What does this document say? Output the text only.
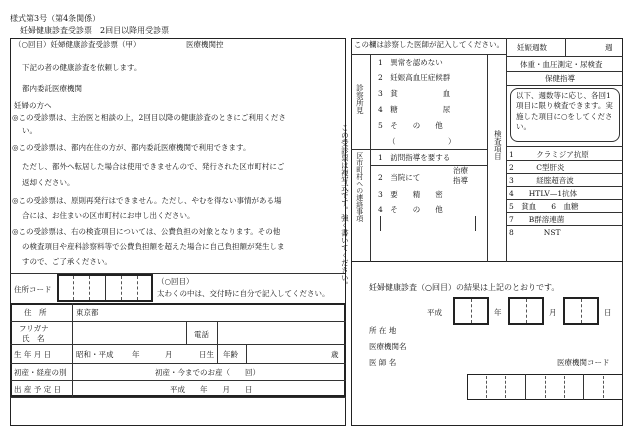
様式第3号（第4条関係）
妊婦健康診査受診票　2回目以降用受診票
（○回目）妊婦健康診査受診票（甲）	医療機関控
下記の者の健康診査を依頼します。
都内委託医療機関
妊婦の方へ
◎この受診票は、主治医と相談の上，2回目以降の健康診査のときにご利用くださ
い。
◎この受診票は、都内在住の方が、都内委託医療機関で利用できます。
ただし、都外へ転居した場合は使用できませんので、発行された区市町村にご
返却ください。
◎この受診票は、原則再発行はできません。ただし、やむを得ない事情がある場
合には、お住まいの区市町村にお申し出ください。
◎この受診票は、右の検査項目については、公費負担の対象となります。その他
の検査項目や産科診察料等で公費負担額を超えた場合に自己負担額が発生しま
すので、ご了承ください。
住所コード
（○回目）
太わくの中は、交付時に自分で記入してください。
住　所	東京都
フリガナ
氏　名	電話
生 年 月 日	昭和・平成 年	月	日生 年齢	歳
初産・経産の別	初産・今までのお産（　　回）
出 産 予 定 日	平成　　年　　月　　日
この受診票は複写式です。強く書いてください。
この欄は診察した医師が記入してください。
診察所見
1　異常を認めない
2　妊娠高血圧症候群
3　貧　　　　　　血
4　糖　　　　　　尿
5　そ　　の　　他
（　　　　　　　）
区市町村への連絡事項 1　訪問指導を要する
2　当院にて
治療
指導
3　要　　精　　密
4　そ　　の　　他
検査項目
妊娠週数	週
体重・血圧測定・尿検査
保健指導
以下、週数等に応じ、各回1項目に限り検査できます。実施した項目に○をしてください。
1　　　クラミジア抗原
2　　　C型肝炎
3　　　経腟超音波
4　　HTLV—1抗体
5　貧血　　6　血糖
7　　B群溶連菌
8　　　　NST
妊婦健康診査（○回目）の結果は上記のとおりです。
平成	年	月	日
所 在 地
医療機関名
医 師 名	医療機関コード
